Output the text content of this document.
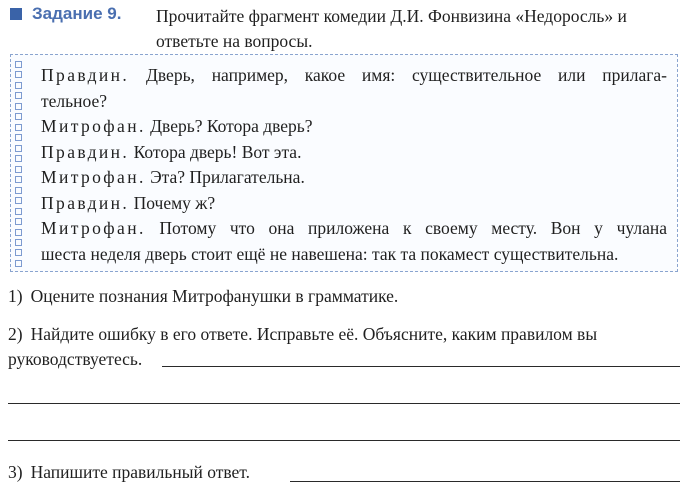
Задание 9. Прочитайте фрагмент комедии Д.И. Фонвизина «Недоросль» и
ответьте на вопросы.
Правдин. Дверь, например, какое имя: существительное или прилага-
тельное?
Митрофан. Дверь? Котора дверь?
Правдин. Котора дверь! Вот эта.
Митрофан. Эта? Прилагательна.
Правдин. Почему ж?
Митрофан. Потому что она приложена к своему месту. Вон у чулана
шеста неделя дверь стоит ещё не навешена: так та покамест существительна.
1) Оцените познания Митрофанушки в грамматике.
2) Найдите ошибку в его ответе. Исправьте её. Объясните, каким правилом вы
руководствуетесь.
3) Напишите правильный ответ.
